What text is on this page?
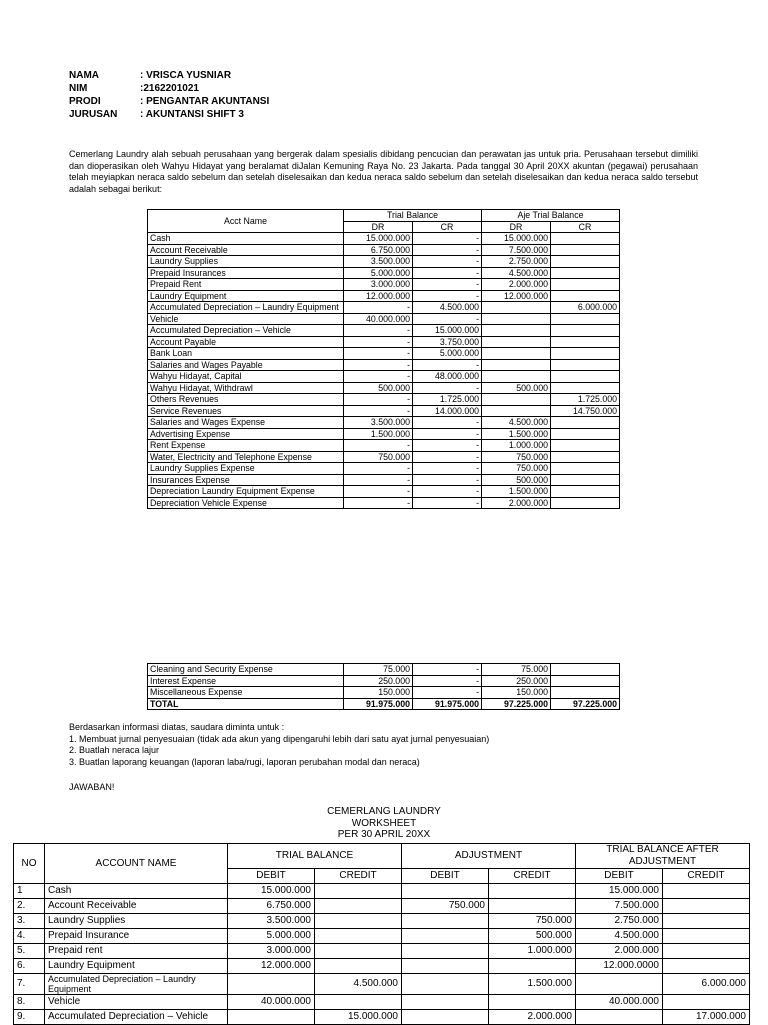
NAMA	: VRISCA YUSNIAR
NIM	:2162201021
PRODI	: PENGANTAR AKUNTANSI
JURUSAN	: AKUNTANSI SHIFT 3
Cemerlang Laundry alah sebuah perusahaan yang bergerak dalam spesialis dibidang pencucian dan perawatan jas untuk pria. Perusahaan tersebut dimiliki dan dioperasikan oleh Wahyu Hidayat yang beralamat diJalan Kemuning Raya No. 23 Jakarta. Pada tanggal 30 April 20XX akuntan (pegawai) perusahaan telah meyiapkan neraca saldo sebelum dan setelah diselesaikan dan kedua neraca saldo sebelum dan setelah diselesaikan dan kedua neraca saldo tersebut adalah sebagai berikut:
Acct Name	Trial Balance		Aje Trial Balance	
	DR	CR	DR	CR
Cash	15.000.000	-	15.000.000	
Account Receivable	6.750.000	-	7.500.000	
Laundry Supplies	3.500.000	-	2.750.000	
Prepaid Insurances	5.000.000	-	4.500.000	
Prepaid Rent	3.000.000	-	2.000.000	
Laundry Equipment	12.000.000	-	12.000.000	
Accumulated Depreciation – Laundry Equipment	-	4.500.000		6.000.000
Vehicle	40.000.000	-		
Accumulated Depreciation – Vehicle	-	15.000.000		
Account Payable	-	3.750.000		
Bank Loan	-	5.000.000		
Salaries and Wages Payable	-	-		
Wahyu Hidayat, Capital	-	48.000.000		
Wahyu Hidayat, Withdrawl	500.000	-	500.000	
Others Revenues	-	1.725.000		1.725.000
Service Revenues	-	14.000.000		14.750.000
Salaries and Wages Expense	3.500.000	-	4.500.000	
Advertising Expense	1.500.000	-	1.500.000	
Rent Expense	-	-	1.000.000	
Water, Electricity and Telephone Expense	750.000	-	750.000	
Laundry Supplies Expense	-	-	750.000	
Insurances Expense	-	-	500.000	
Depreciation Laundry Equipment Expense	-	-	1.500.000	
Depreciation Vehicle Expense	-	-	2.000.000	
Cleaning and Security Expense	75.000	-	75.000	
Interest Expense	250.000	-	250.000	
Miscellaneous Expense	150.000	-	150.000	
TOTAL	91.975.000	91.975.000	97.225.000	97.225.000
Berdasarkan informasi diatas, saudara diminta untuk :
1. Membuat jurnal penyesuaian (tidak ada akun yang dipengaruhi lebih dari satu ayat jurnal penyesuaian)
2. Buatlah neraca lajur
3. Buatlan laporang keuangan (laporan laba/rugi, laporan perubahan modal dan neraca)
JAWABAN!
CEMERLANG LAUNDRY
WORKSHEET
PER 30 APRIL 20XX
NO	ACCOUNT NAME	TRIAL BALANCE		ADJUSTMENT		TRIAL BALANCE AFTER ADJUSTMENT	
		DEBIT	CREDIT	DEBIT	CREDIT	DEBIT	CREDIT
1	Cash	15.000.000				15.000.000	
2.	Account Receivable	6.750.000		750.000		7.500.000	
3.	Laundry Supplies	3.500.000			750.000	2.750.000	
4.	Prepaid Insurance	5.000.000			500.000	4.500.000	
5.	Prepaid rent	3.000.000			1.000.000	2.000.000	
6.	Laundry Equipment	12.000.000				12.000.0000	
7.	Accumulated Depreciation – Laundry Equipment		4.500.000		1.500.000		6.000.000
8.	Vehicle	40.000.000				40.000.000	
9.	Accumulated Depreciation – Vehicle		15.000.000		2.000.000		17.000.000
